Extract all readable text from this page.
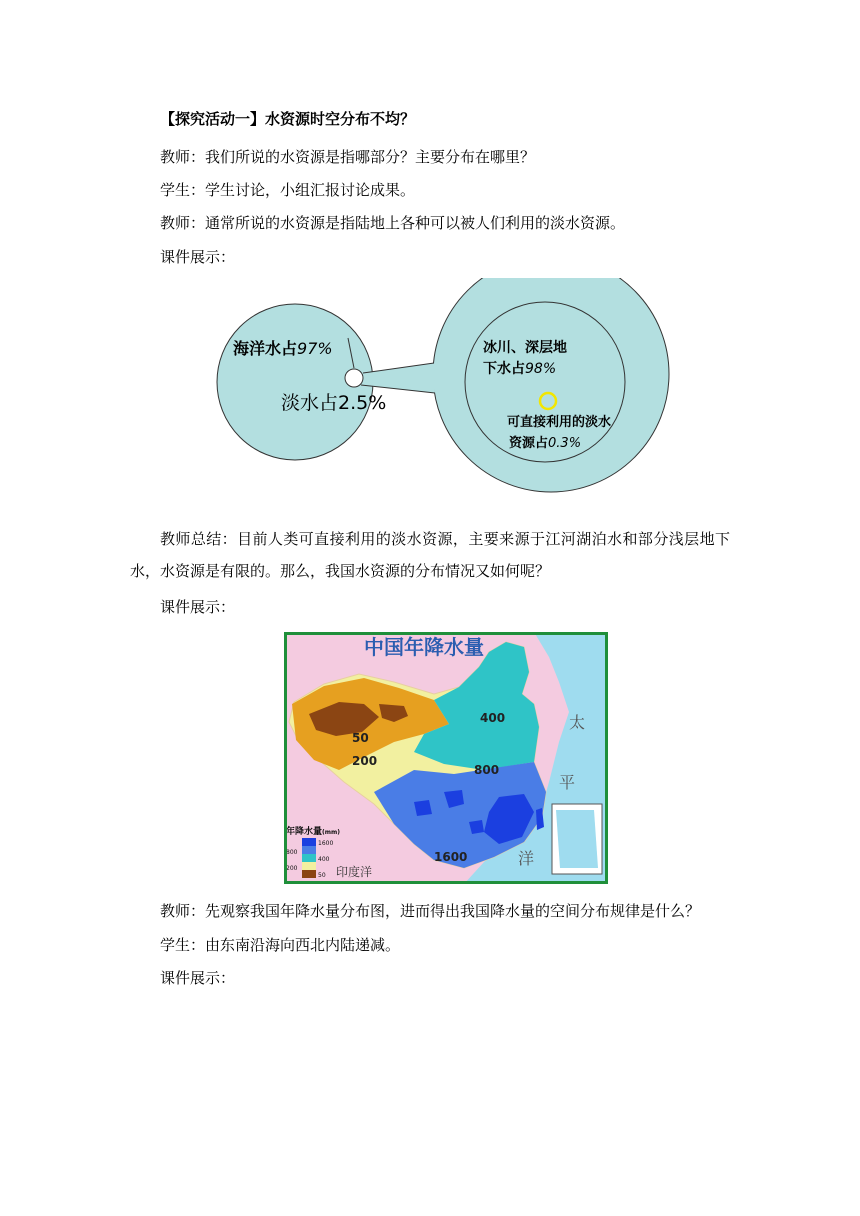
【探究活动一】水资源时空分布不均？
教师：我们所说的水资源是指哪部分？主要分布在哪里？
学生：学生讨论，小组汇报讨论成果。
教师：通常所说的水资源是指陆地上各种可以被人们利用的淡水资源。
课件展示：
海洋水占97%
淡水占2.5%
冰川、深层地
下水占98%
可直接利用的淡水
资源占0.3%
教师总结：目前人类可直接利用的淡水资源，主要来源于江河湖泊水和部分浅层地下水，水资源是有限的。那么，我国水资源的分布情况又如何呢？
课件展示：
中国年降水量
400
50
200
800
1600
太
平
洋
年降水量(mm)
1600
800
400
200
50 印度洋
教师：先观察我国年降水量分布图，进而得出我国降水量的空间分布规律是什么？
学生：由东南沿海向西北内陆递减。
课件展示：
